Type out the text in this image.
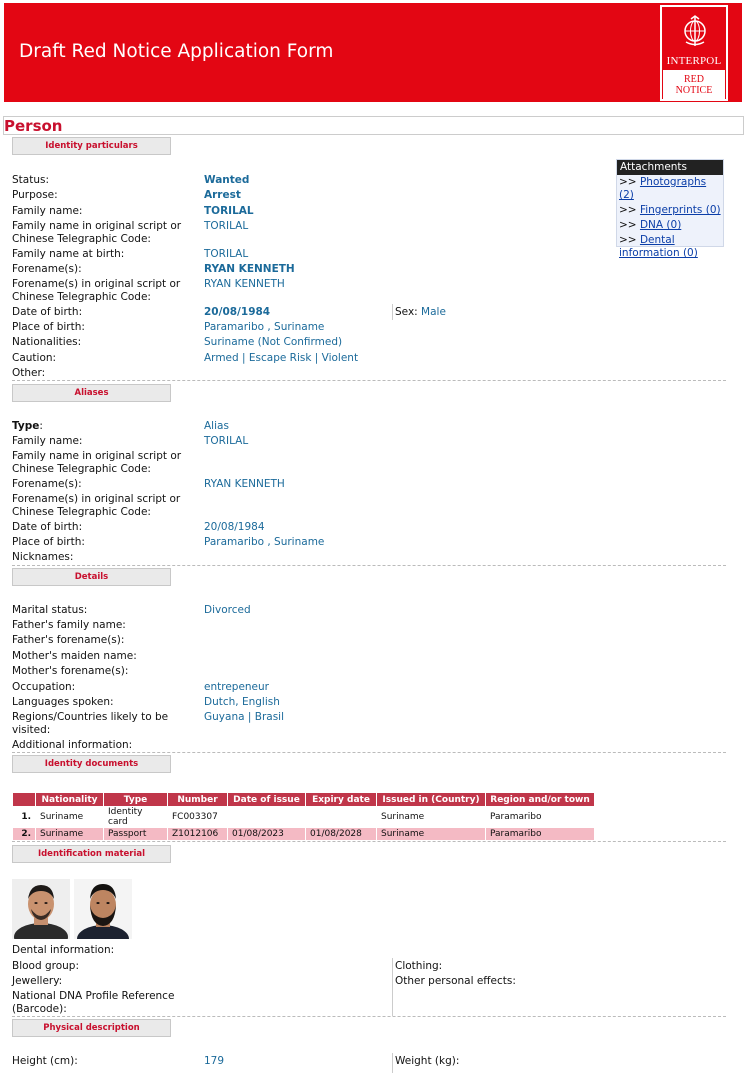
Draft Red Notice Application Form	INTERPOL
RED
NOTICE
Person
Identity particulars
Status:	Wanted
Purpose:	Arrest
Family name:	TORILAL
Family name in original script or Chinese Telegraphic Code:
TORILAL
Family name at birth:	TORILAL
Forename(s):	RYAN KENNETH
Forename(s) in original script or Chinese Telegraphic Code:
RYAN KENNETH
Date of birth:	20/08/1984	Sex: Male
Place of birth:	Paramaribo , Suriname
Nationalities:	Suriname (Not Confirmed)
Caution:	Armed | Escape Risk | Violent
Other:
Attachments
>> Photographs (2)
>> Fingerprints (0)
>> DNA (0)
>> Dental information (0)
Aliases
Type:	Alias
Family name:	TORILAL
Family name in original script or Chinese Telegraphic Code:
Forename(s):	RYAN KENNETH
Forename(s) in original script or Chinese Telegraphic Code:
Date of birth:	20/08/1984
Place of birth:	Paramaribo , Suriname
Nicknames:
Details
Marital status:	Divorced
Father's family name:
Father's forename(s):
Mother's maiden name:
Mother's forename(s):
Occupation:	entrepeneur
Languages spoken:	Dutch, English
Regions/Countries likely to be visited:
Guyana | Brasil
Additional information:
Identity documents
	Nationality	Type	Number	Date of issue	Expiry date	Issued in (Country)	Region and/or town
1.	Suriname	Identity card	FC003307			Suriname	Paramaribo
2.	Suriname	Passport	Z1012106	01/08/2023	01/08/2028	Suriname	Paramaribo
Identification material
Dental information:
Blood group:	Clothing:
Jewellery:	Other personal effects:
National DNA Profile Reference (Barcode):
Physical description
Height (cm):	179	Weight (kg):
